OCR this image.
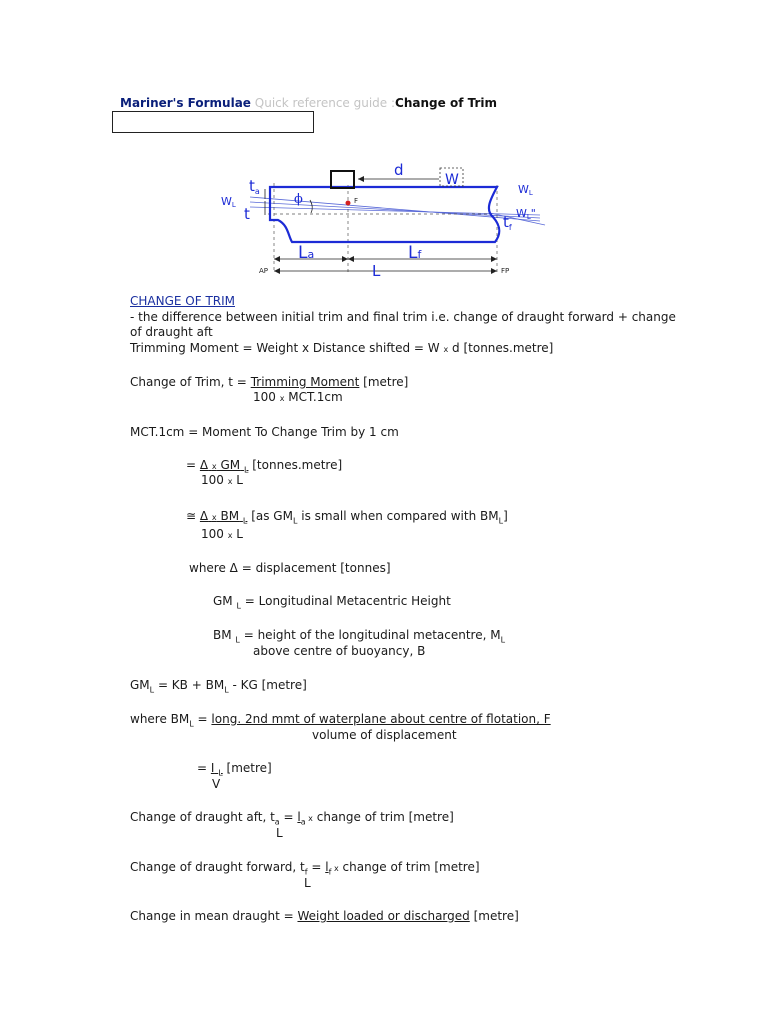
Mariner's Formulae Quick reference guide :Change of Trim
d
W
$t_a$
WL t
ϕ	F
WL
WL"
$t_f$
La	Lf
L
AP	FP
CHANGE OF TRIM
- the difference between initial trim and final trim i.e. change of draught forward + change
of draught aft
Trimming Moment = Weight x Distance shifted = W x d [tonnes.metre]
Change of Trim, t = Trimming Moment [metre]
100 x MCT.1cm
MCT.1cm = Moment To Change Trim by 1 cm
= Δ x GM $_L$ [tonnes.metre]
100 x L
≅ Δ x BM $_L$ [as $GM_L$ is small when compared with $BM_L$]
100 x L
where Δ = displacement [tonnes]
GM $_L$ = Longitudinal Metacentric Height
BM $_L$ = height of the longitudinal metacentre, $M_L$
above centre of buoyancy, B
$GM_L$ = KB + $BM_L$ - KG [metre]
where $BM_L$ = long. 2nd mmt of waterplane about centre of flotation, F
volume of displacement
= I $_L$ [metre]
V
Change of draught aft, $t_a = l_a$ x change of trim [metre]
L
Change of draught forward, $t_f = l_f$ x change of trim [metre]
L
Change in mean draught = Weight loaded or discharged [metre]
